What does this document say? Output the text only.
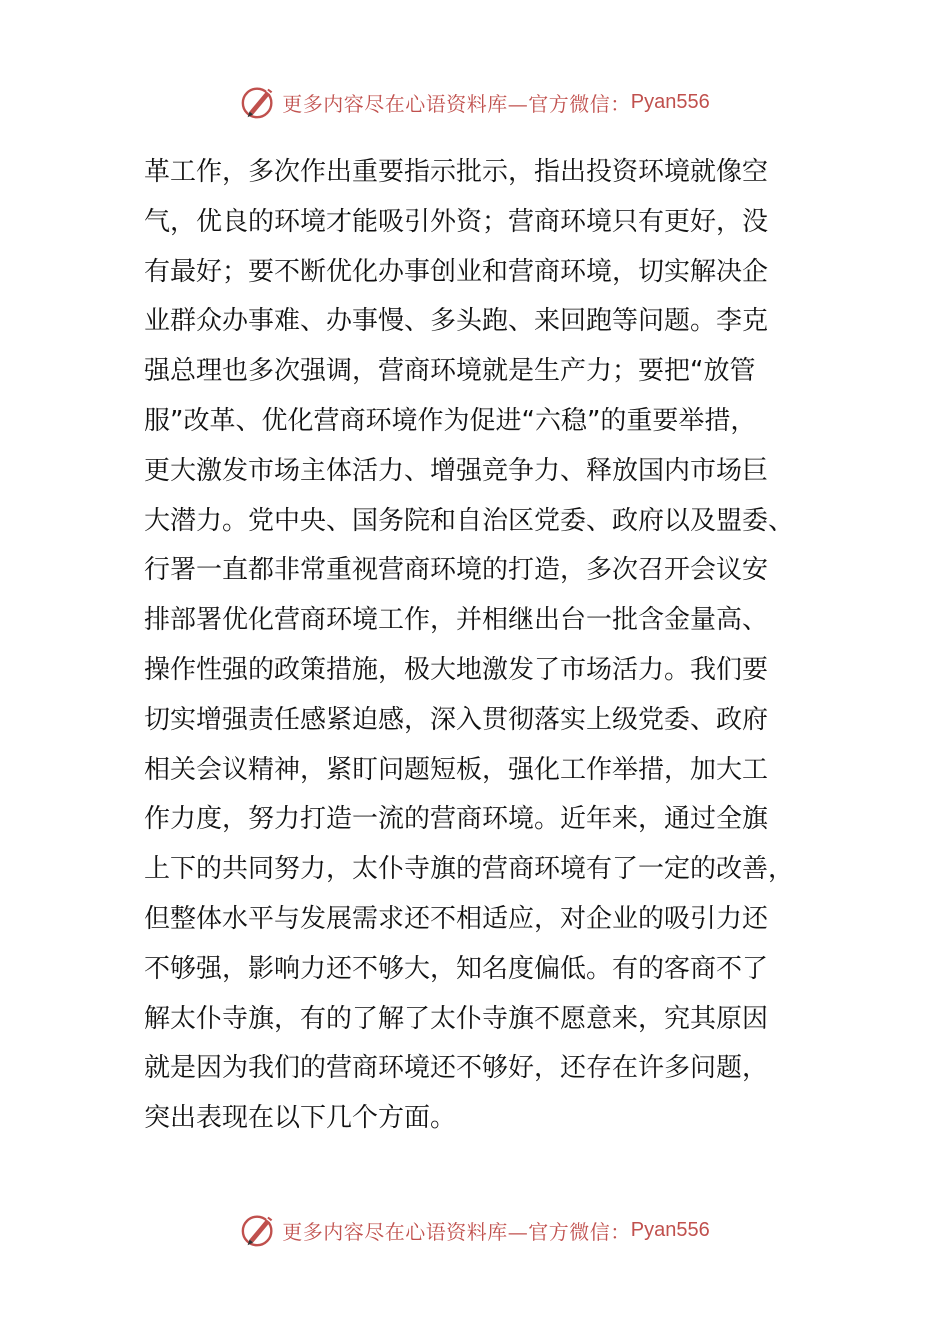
更多内容尽在心语资料库—官方微信： Pyan556
革工作，多次作出重要指示批示，指出投资环境就像空
气，优良的环境才能吸引外资；营商环境只有更好，没
有最好；要不断优化办事创业和营商环境，切实解决企
业群众办事难、办事慢、多头跑、来回跑等问题。李克
强总理也多次强调，营商环境就是生产力；要把“放管
服”改革、优化营商环境作为促进“六稳”的重要举措，
更大激发市场主体活力、增强竞争力、释放国内市场巨
大潜力。党中央、国务院和自治区党委、政府以及盟委、
行署一直都非常重视营商环境的打造，多次召开会议安
排部署优化营商环境工作，并相继出台一批含金量高、
操作性强的政策措施，极大地激发了市场活力。我们要
切实增强责任感紧迫感，深入贯彻落实上级党委、政府
相关会议精神，紧盯问题短板，强化工作举措，加大工
作力度，努力打造一流的营商环境。近年来，通过全旗
上下的共同努力，太仆寺旗的营商环境有了一定的改善，
但整体水平与发展需求还不相适应，对企业的吸引力还
不够强，影响力还不够大，知名度偏低。有的客商不了
解太仆寺旗，有的了解了太仆寺旗不愿意来，究其原因
就是因为我们的营商环境还不够好，还存在许多问题，
突出表现在以下几个方面。
更多内容尽在心语资料库—官方微信： Pyan556
